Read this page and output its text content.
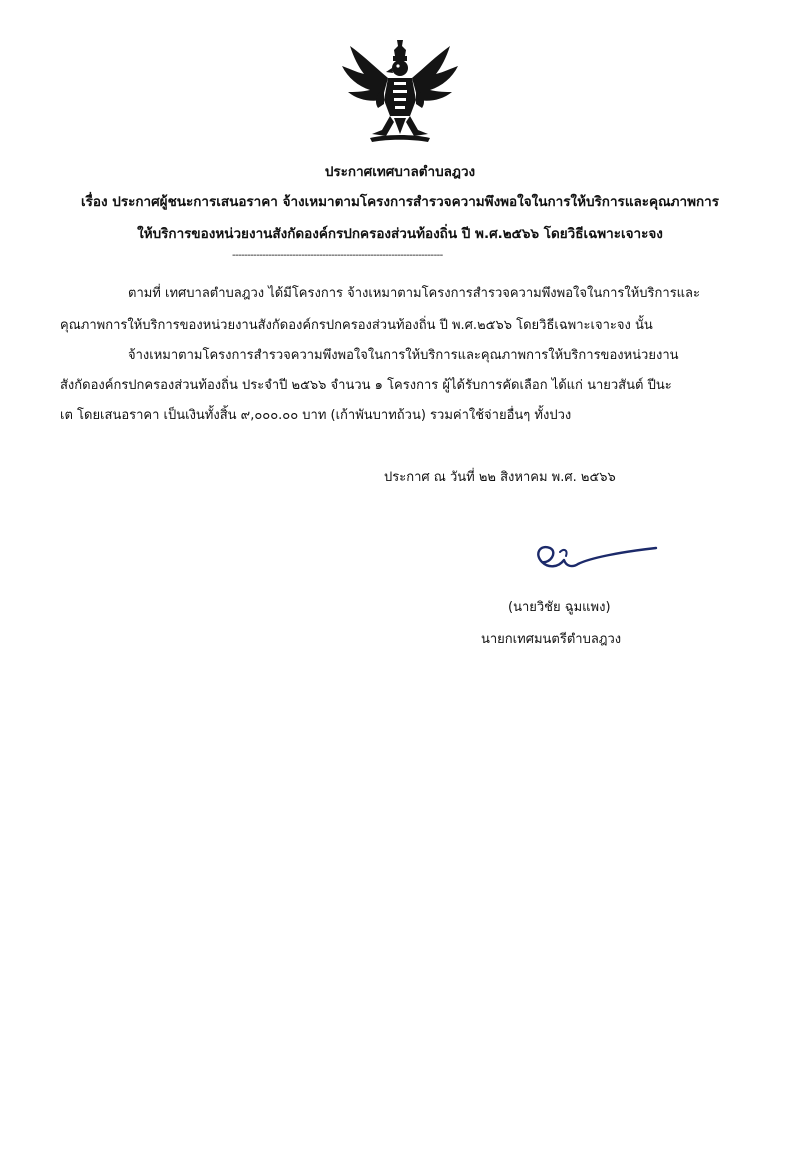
ประกาศเทศบาลตำบลฎวง
เรื่อง ประกาศผู้ชนะการเสนอราคา จ้างเหมาตามโครงการสำรวจความพึงพอใจในการให้บริการและคุณภาพการ
ให้บริการของหน่วยงานสังกัดองค์กรปกครองส่วนท้องถิ่น ปี พ.ศ.๒๕๖๖ โดยวิธีเฉพาะเจาะจง
----------------------------------------------------------------------
ตามที่ เทศบาลตำบลฎวง ได้มีโครงการ จ้างเหมาตามโครงการสำรวจความพึงพอใจในการให้บริการและ
คุณภาพการให้บริการของหน่วยงานสังกัดองค์กรปกครองส่วนท้องถิ่น ปี พ.ศ.๒๕๖๖ โดยวิธีเฉพาะเจาะจง นั้น
จ้างเหมาตามโครงการสำรวจความพึงพอใจในการให้บริการและคุณภาพการให้บริการของหน่วยงาน
สังกัดองค์กรปกครองส่วนท้องถิ่น ประจำปี ๒๕๖๖ จำนวน ๑ โครงการ ผู้ได้รับการคัดเลือก ได้แก่ นายวสันต์ ปีนะ
เต โดยเสนอราคา เป็นเงินทั้งสิ้น ๙,๐๐๐.๐๐ บาท (เก้าพันบาทถ้วน) รวมค่าใช้จ่ายอื่นๆ ทั้งปวง
ประกาศ ณ วันที่ ๒๒ สิงหาคม พ.ศ. ๒๕๖๖
(นายวิชัย ฉูมแพง)
นายกเทศมนตรีตำบลฎวง
